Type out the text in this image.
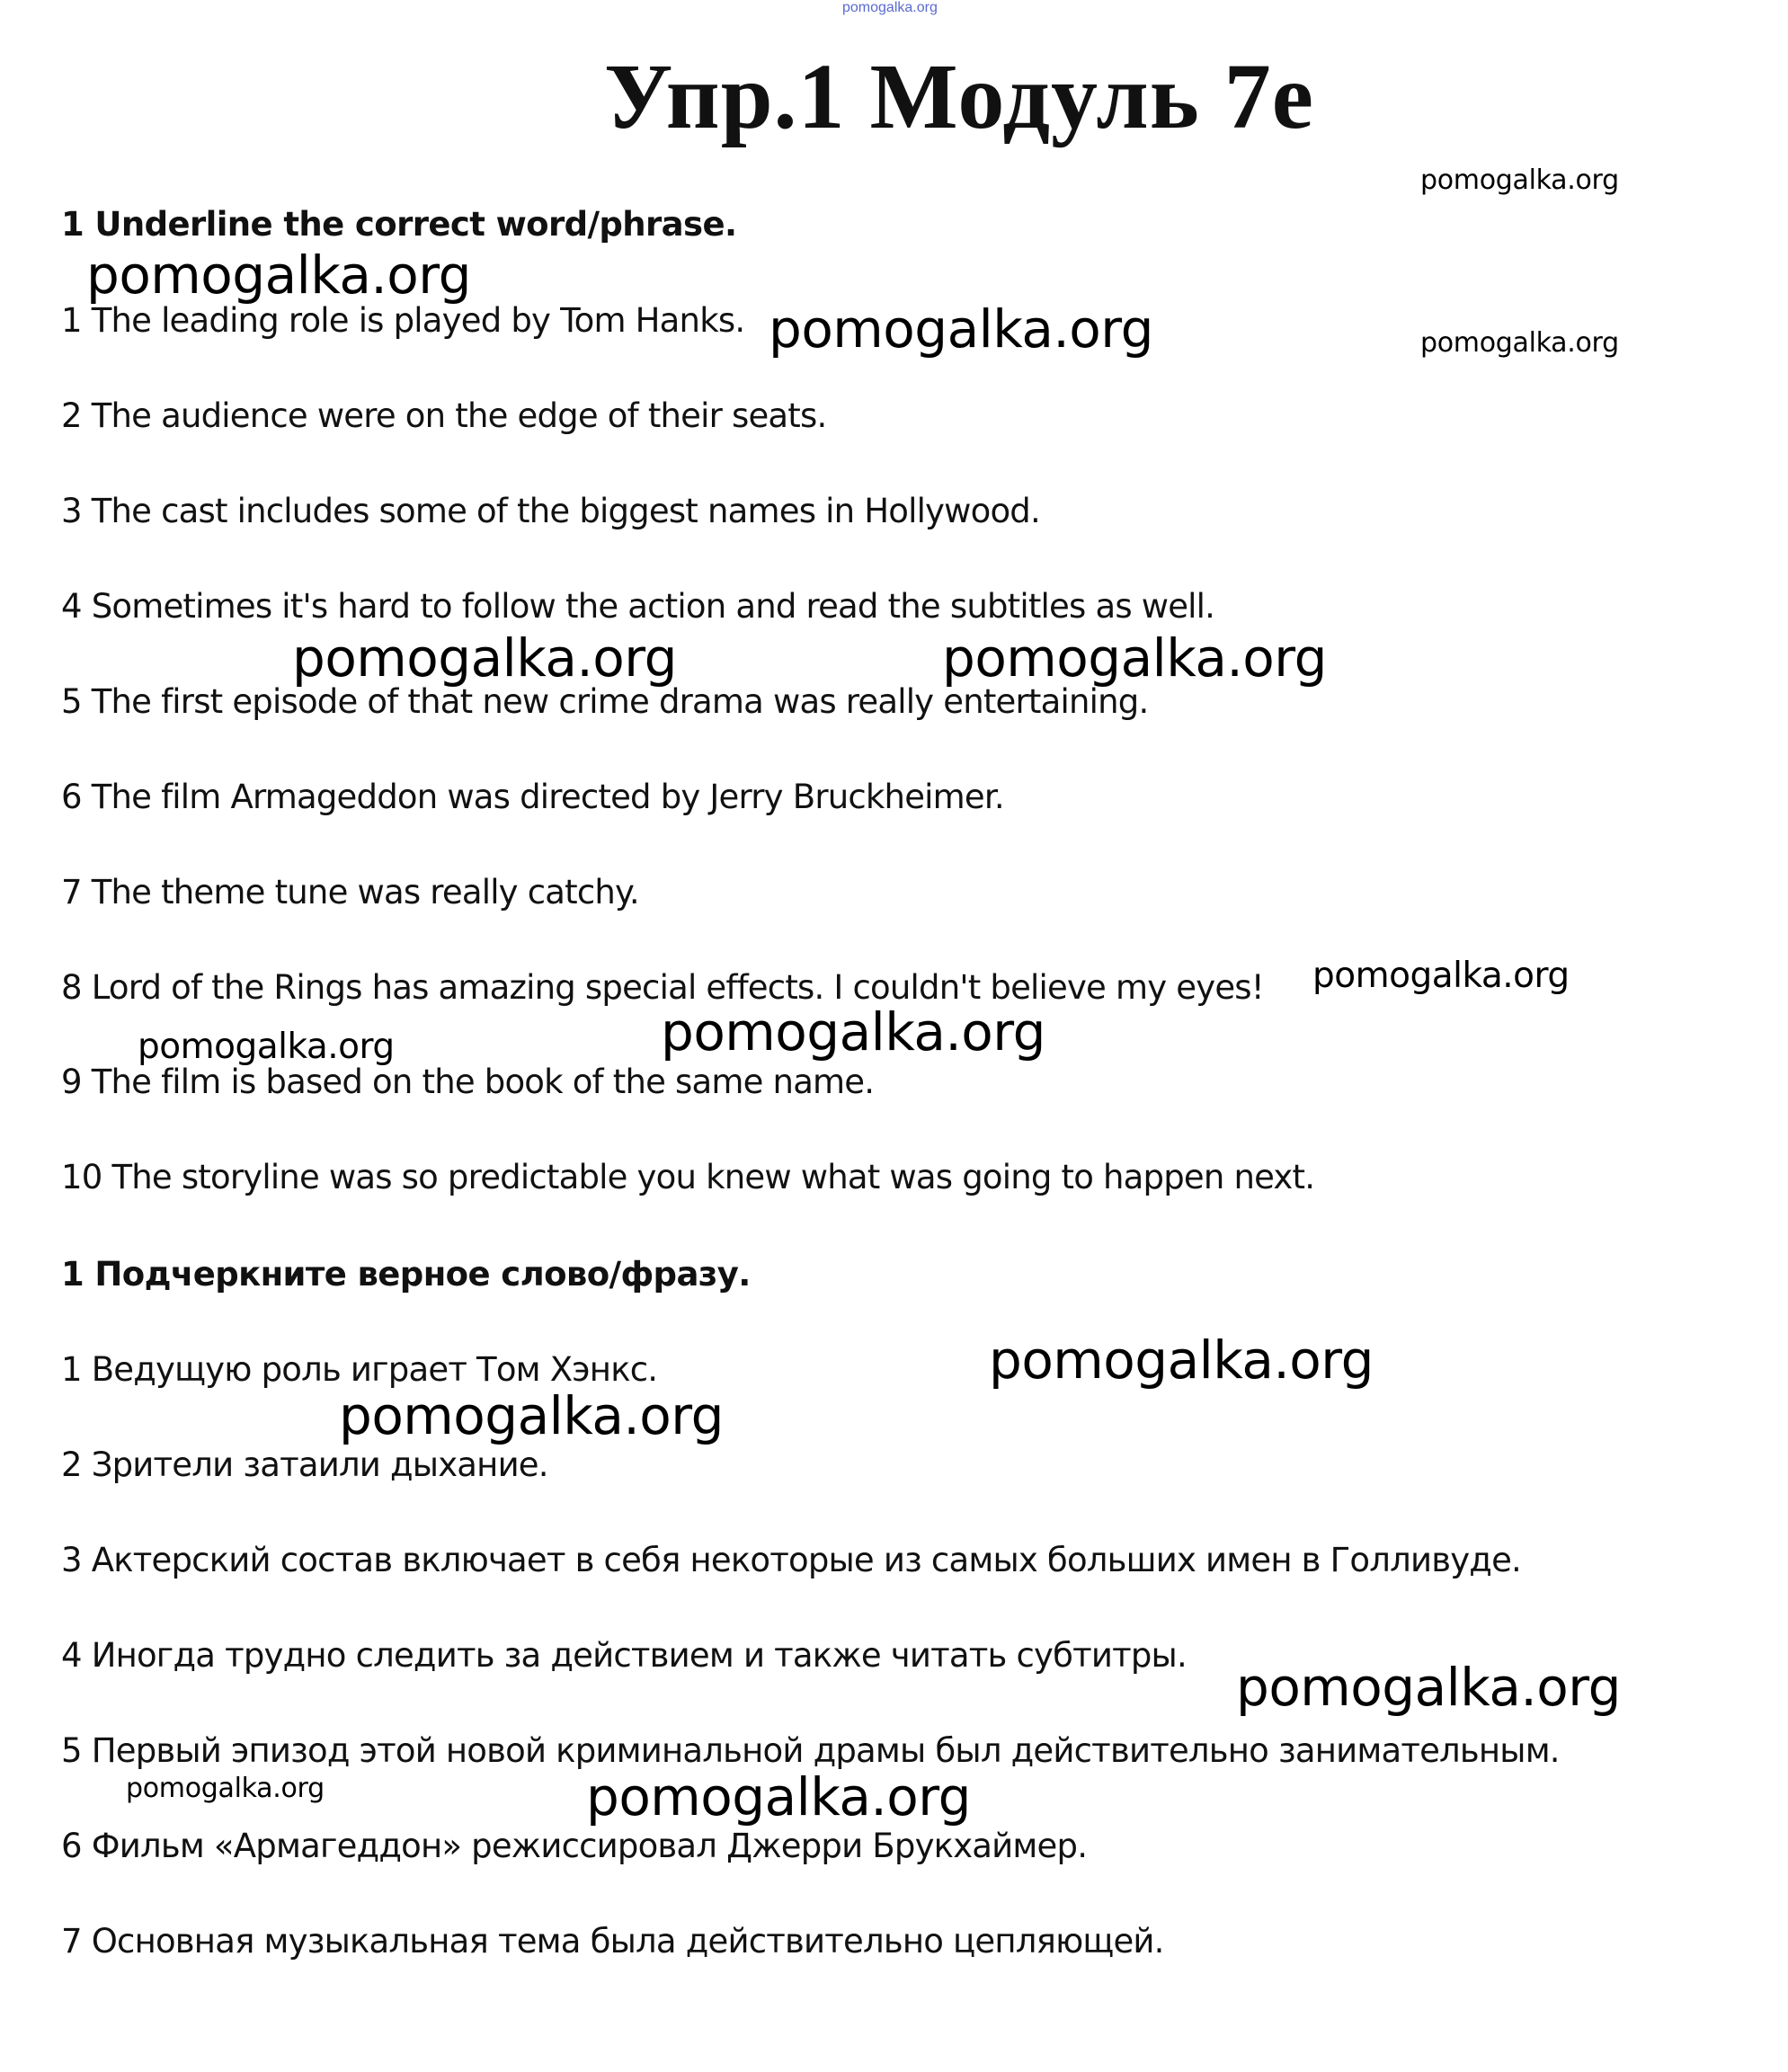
pomogalka.org
Упр.1 Модуль 7е
1 Underline the correct word/phrase.
1 The leading role is played by Tom Hanks.
2 The audience were on the edge of their seats.
3 The cast includes some of the biggest names in Hollywood.
4 Sometimes it's hard to follow the action and read the subtitles as well.
5 The first episode of that new crime drama was really entertaining.
6 The film Armageddon was directed by Jerry Bruckheimer.
7 The theme tune was really catchy.
8 Lord of the Rings has amazing special effects. I couldn't believe my eyes!
9 The film is based on the book of the same name.
10 The storyline was so predictable you knew what was going to happen next.
1 Подчеркните верное слово/фразу.
1 Ведущую роль играет Том Хэнкс.
2 Зрители затаили дыхание.
3 Актерский состав включает в себя некоторые из самых больших имен в Голливуде.
4 Иногда трудно следить за действием и также читать субтитры.
5 Первый эпизод этой новой криминальной драмы был действительно занимательным.
6 Фильм «Армагеддон» режиссировал Джерри Брукхаймер.
7 Основная музыкальная тема была действительно цепляющей.
pomogalka.org
pomogalka.org
pomogalka.org	pomogalka.org
pomogalka.org	pomogalka.org
pomogalka.org
pomogalka.org
pomogalka.org
pomogalka.org
pomogalka.org
pomogalka.org
pomogalka.org	pomogalka.org
